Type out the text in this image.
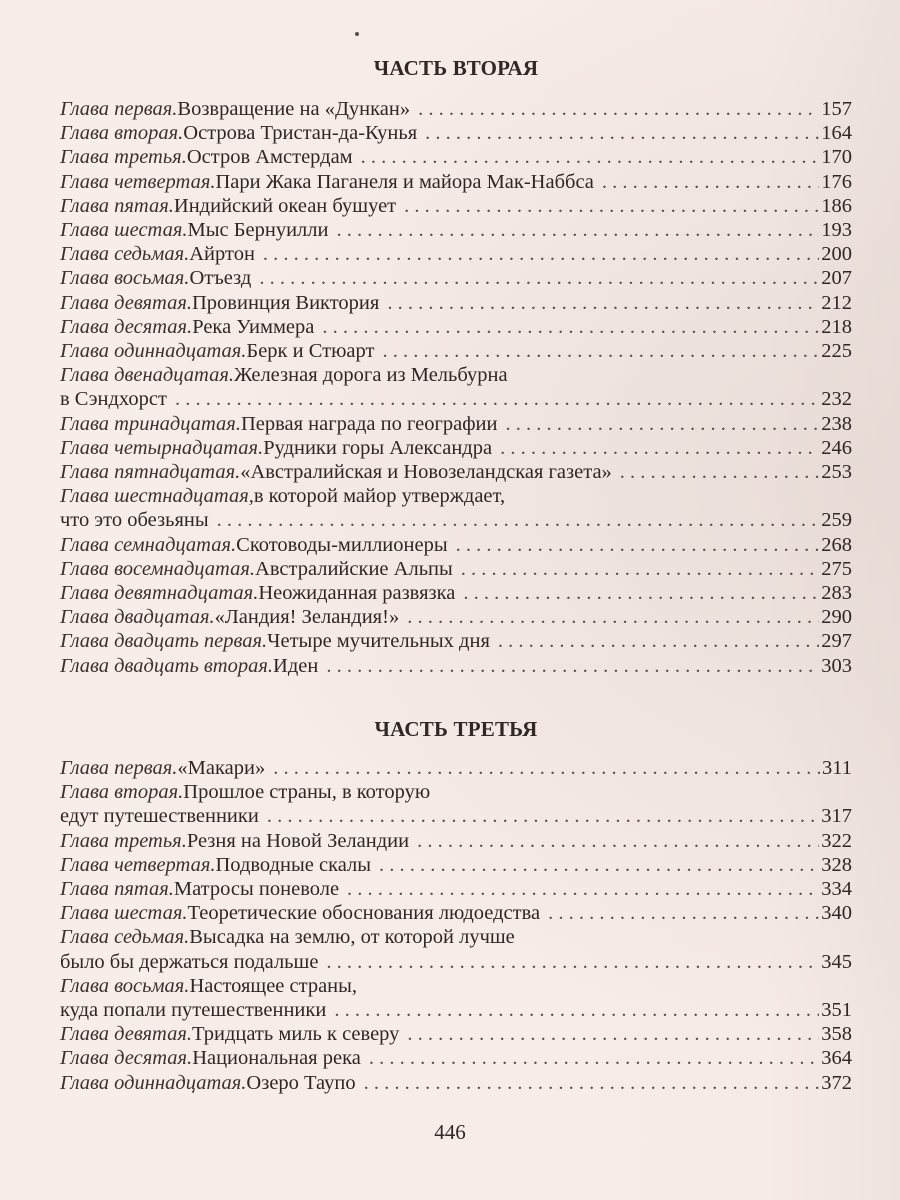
ЧАСТЬ ВТОРАЯ
Глава первая. Возвращение на «Дункан» . . .	157
Глава вторая. Острова Тристан-да-Кунья . . .	164
Глава третья. Остров Амстердам . . .	170
Глава четвертая. Пари Жака Паганеля и майора Мак-Наббса . . .	176
Глава пятая. Индийский океан бушует . . .	186
Глава шестая. Мыс Бернуилли . . .	193
Глава седьмая. Айртон . . .	200
Глава восьмая. Отъезд . . .	207
Глава девятая. Провинция Виктория . . .	212
Глава десятая. Река Уиммера . . .	218
Глава одиннадцатая. Берк и Стюарт . . .	225
Глава двенадцатая. Железная дорога из Мельбурна
в Сэндхорст . . .	232
Глава тринадцатая. Первая награда по географии . . .	238
Глава четырнадцатая. Рудники горы Александра . . .	246
Глава пятнадцатая. «Австралийская и Новозеландская газета» . . .	253
Глава шестнадцатая, в которой майор утверждает,
что это обезьяны . . .	259
Глава семнадцатая. Скотоводы-миллионеры . . .	268
Глава восемнадцатая. Австралийские Альпы . . .	275
Глава девятнадцатая. Неожиданная развязка . . .	283
Глава двадцатая. «Ландия! Зеландия!» . . .	290
Глава двадцать первая. Четыре мучительных дня . . .	297
Глава двадцать вторая. Иден . . .	303
ЧАСТЬ ТРЕТЬЯ
Глава первая. «Макари» . . .	311
Глава вторая. Прошлое страны, в которую
едут путешественники . . .	317
Глава третья. Резня на Новой Зеландии . . .	322
Глава четвертая. Подводные скалы . . .	328
Глава пятая. Матросы поневоле . . .	334
Глава шестая. Теоретические обоснования людоедства . . .	340
Глава седьмая. Высадка на землю, от которой лучше
было бы держаться подальше . . .	345
Глава восьмая. Настоящее страны,
куда попали путешественники . . .	351
Глава девятая. Тридцать миль к северу . . .	358
Глава десятая. Национальная река . . .	364
Глава одиннадцатая. Озеро Таупо . . .	372
446
